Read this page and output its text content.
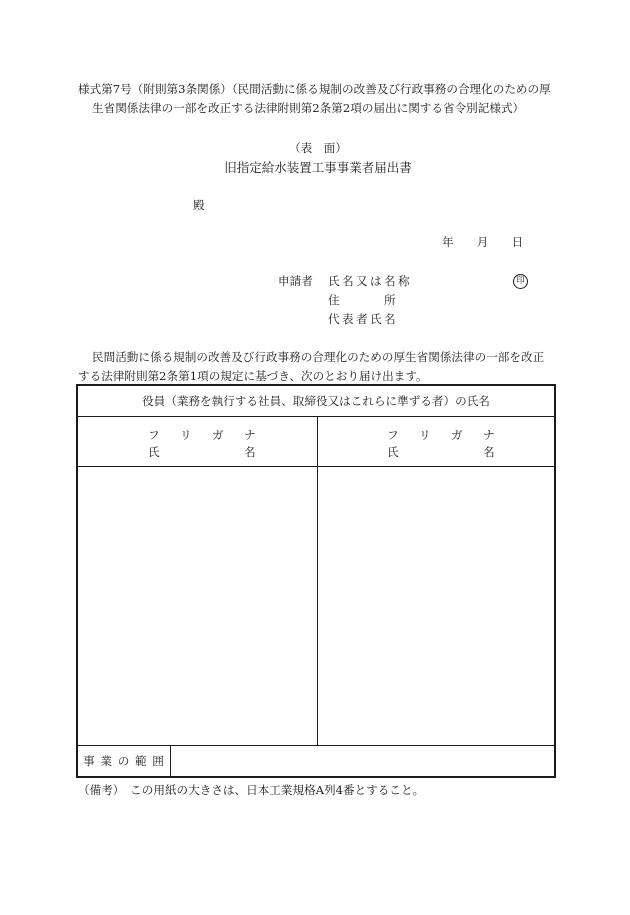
様式第7号（附則第3条関係）（民間活動に係る規制の改善及び行政事務の合理化のための厚
生省関係法律の一部を改正する法律附則第2条第2項の届出に関する省令別記様式）
（表　面）
旧指定給水装置工事事業者届出書
殿
年　　月　　日
申請者 氏名又は名称	印
住　　　所
代表者氏名
民間活動に係る規制の改善及び行政事務の合理化のための厚生省関係法律の一部を改正
する法律附則第2条第1項の規定に基づき、次のとおり届け出ます。
役員（業務を執行する社員、取締役又はこれらに準ずる者）の氏名
フ　リ　ガ　ナ
氏　　　　名
フ　リ　ガ　ナ
氏　　　　名
事 業 の 範 囲
（備考）　この用紙の大きさは、日本工業規格A列4番とすること。
